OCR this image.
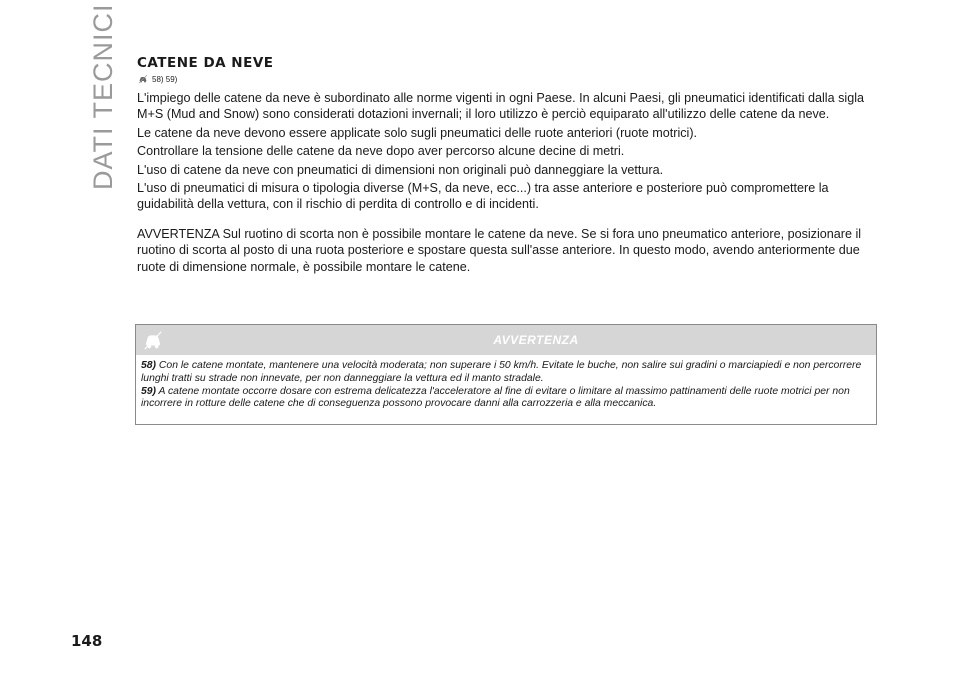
DATI TECNICI CATENE DA NEVE
58) 59)

L'impiego delle catene da neve è subordinato alle norme vigenti in ogni Paese. In alcuni Paesi, gli pneumatici identificati dalla sigla M+S (Mud and Snow) sono considerati dotazioni invernali; il loro utilizzo è perciò equiparato all'utilizzo delle catene da neve.

Le catene da neve devono essere applicate solo sugli pneumatici delle ruote anteriori (ruote motrici).

Controllare la tensione delle catene da neve dopo aver percorso alcune decine di metri.

L'uso di catene da neve con pneumatici di dimensioni non originali può danneggiare la vettura.

L'uso di pneumatici di misura o tipologia diverse (M+S, da neve, ecc...) tra asse anteriore e posteriore può compromettere la guidabilità della vettura, con il rischio di perdita di controllo e di incidenti.

AVVERTENZA Sul ruotino di scorta non è possibile montare le catene da neve. Se si fora uno pneumatico anteriore, posizionare il ruotino di scorta al posto di una ruota posteriore e spostare questa sull'asse anteriore. In questo modo, avendo anteriormente due ruote di dimensione normale, è possibile montare le catene.

AVVERTENZA

58) Con le catene montate, mantenere una velocità moderata; non superare i 50 km/h. Evitate le buche, non salire sui gradini o marciapiedi e non percorrere lunghi tratti su strade non innevate, per non danneggiare la vettura ed il manto stradale.

59) A catene montate occorre dosare con estrema delicatezza l'acceleratore al fine di evitare o limitare al massimo pattinamenti delle ruote motrici per non incorrere in rotture delle catene che di conseguenza possono provocare danni alla carrozzeria e alla meccanica.

148
